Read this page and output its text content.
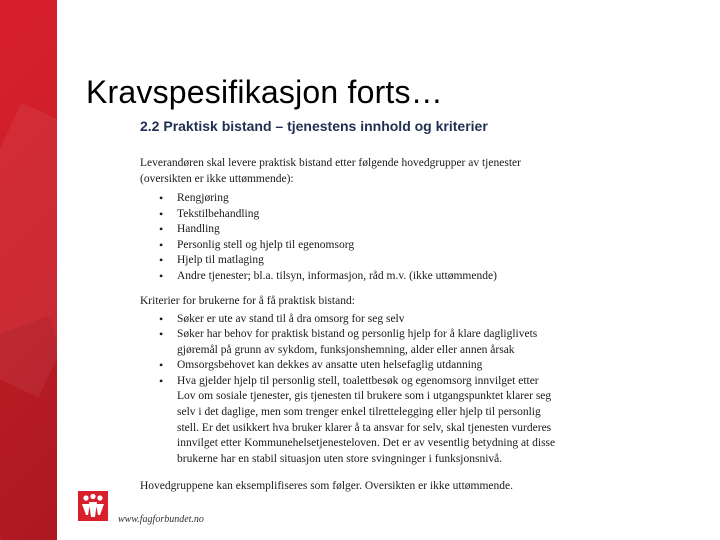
Kravspesifikasjon forts…
2.2 Praktisk bistand – tjenestens innhold og kriterier
Leverandøren skal levere praktisk bistand etter følgende hovedgrupper av tjenester (oversikten er ikke uttømmende):
• Rengjøring
• Tekstilbehandling
• Handling
• Personlig stell og hjelp til egenomsorg
• Hjelp til matlaging
• Andre tjenester; bl.a. tilsyn, informasjon, råd m.v. (ikke uttømmende)
Kriterier for brukerne for å få praktisk bistand:
• Søker er ute av stand til å dra omsorg for seg selv
• Søker har behov for praktisk bistand og personlig hjelp for å klare dagliglivets gjøremål på grunn av sykdom, funksjonshemning, alder eller annen årsak
• Omsorgsbehovet kan dekkes av ansatte uten helsefaglig utdanning
• Hva gjelder hjelp til personlig stell, toalettbesøk og egenomsorg innvilget etter Lov om sosiale tjenester, gis tjenesten til brukere som i utgangspunktet klarer seg selv i det daglige, men som trenger enkel tilrettelegging eller hjelp til personlig stell. Er det usikkert hva bruker klarer å ta ansvar for selv, skal tjenesten vurderes innvilget etter Kommunehelsetjenesteloven. Det er av vesentlig betydning at disse brukerne har en stabil situasjon uten store svingninger i funksjonsnivå.
Hovedgruppene kan eksemplifiseres som følger. Oversikten er ikke uttømmende.
www.fagforbundet.no
